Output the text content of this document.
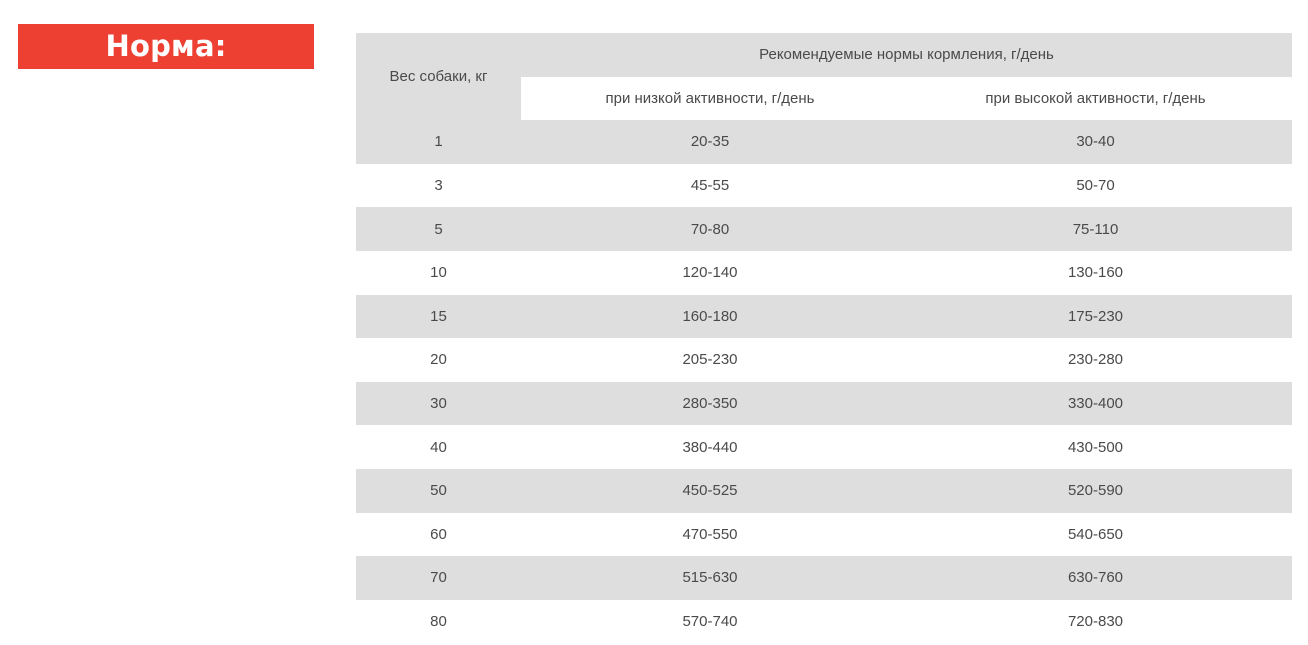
Норма:
Вес собаки, кг	Рекомендуемые нормы кормления, г/день	
	при низкой активности, г/день	при высокой активности, г/день
1	20-35	30-40
3	45-55	50-70
5	70-80	75-110
10	120-140	130-160
15	160-180	175-230
20	205-230	230-280
30	280-350	330-400
40	380-440	430-500
50	450-525	520-590
60	470-550	540-650
70	515-630	630-760
80	570-740	720-830
